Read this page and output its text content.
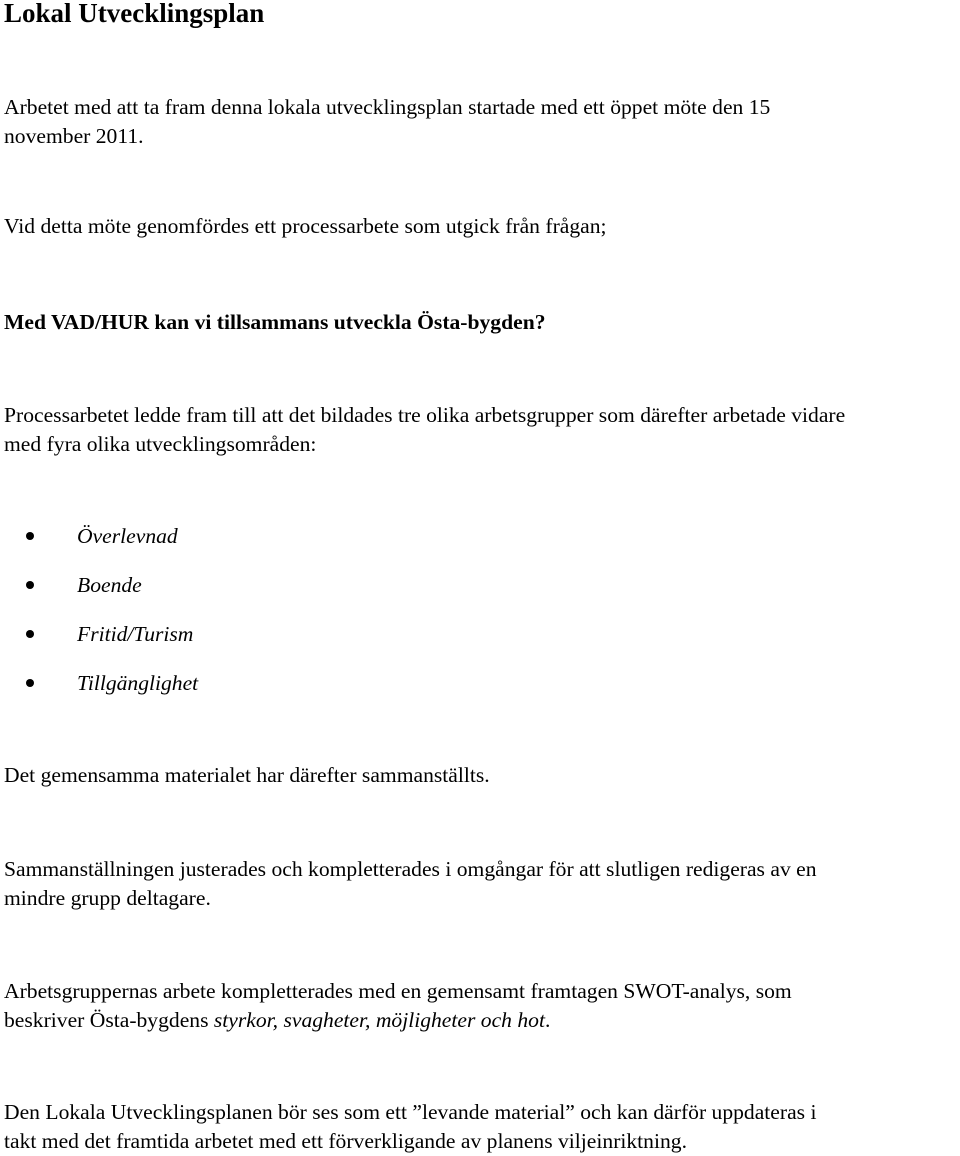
Lokal Utvecklingsplan

Arbetet med att ta fram denna lokala utvecklingsplan startade med ett öppet möte den 15
november 2011.

Vid detta möte genomfördes ett processarbete som utgick från frågan;

Med VAD/HUR kan vi tillsammans utveckla Östa-bygden?

Processarbetet ledde fram till att det bildades tre olika arbetsgrupper som därefter arbetade vidare
med fyra olika utvecklingsområden:

Överlevnad
Boende
Fritid/Turism
Tillgänglighet

Det gemensamma materialet har därefter sammanställts.

Sammanställningen justerades och kompletterades i omgångar för att slutligen redigeras av en
mindre grupp deltagare.

Arbetsgruppernas arbete kompletterades med en gemensamt framtagen SWOT-analys, som
beskriver Östa-bygdens styrkor, svagheter, möjligheter och hot.

Den Lokala Utvecklingsplanen bör ses som ett ”levande material” och kan därför uppdateras i
takt med det framtida arbetet med ett förverkligande av planens viljeinriktning.
